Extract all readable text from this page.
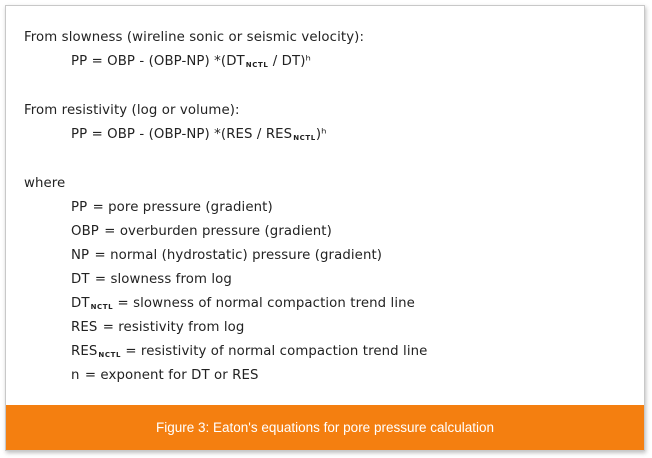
From slowness (wireline sonic or seismic velocity):
PP = OBP - (OBP-NP) *(DTNCTL / DT)ʰ
From resistivity (log or volume):
PP = OBP - (OBP-NP) *(RES / RESNCTL)ʰ
where
PP = pore pressure (gradient)
OBP = overburden pressure (gradient)
NP = normal (hydrostatic) pressure (gradient)
DT = slowness from log
DTNCTL = slowness of normal compaction trend line
RES = resistivity from log
RESNCTL = resistivity of normal compaction trend line
n = exponent for DT or RES
Figure 3: Eaton's equations for pore pressure calculation
